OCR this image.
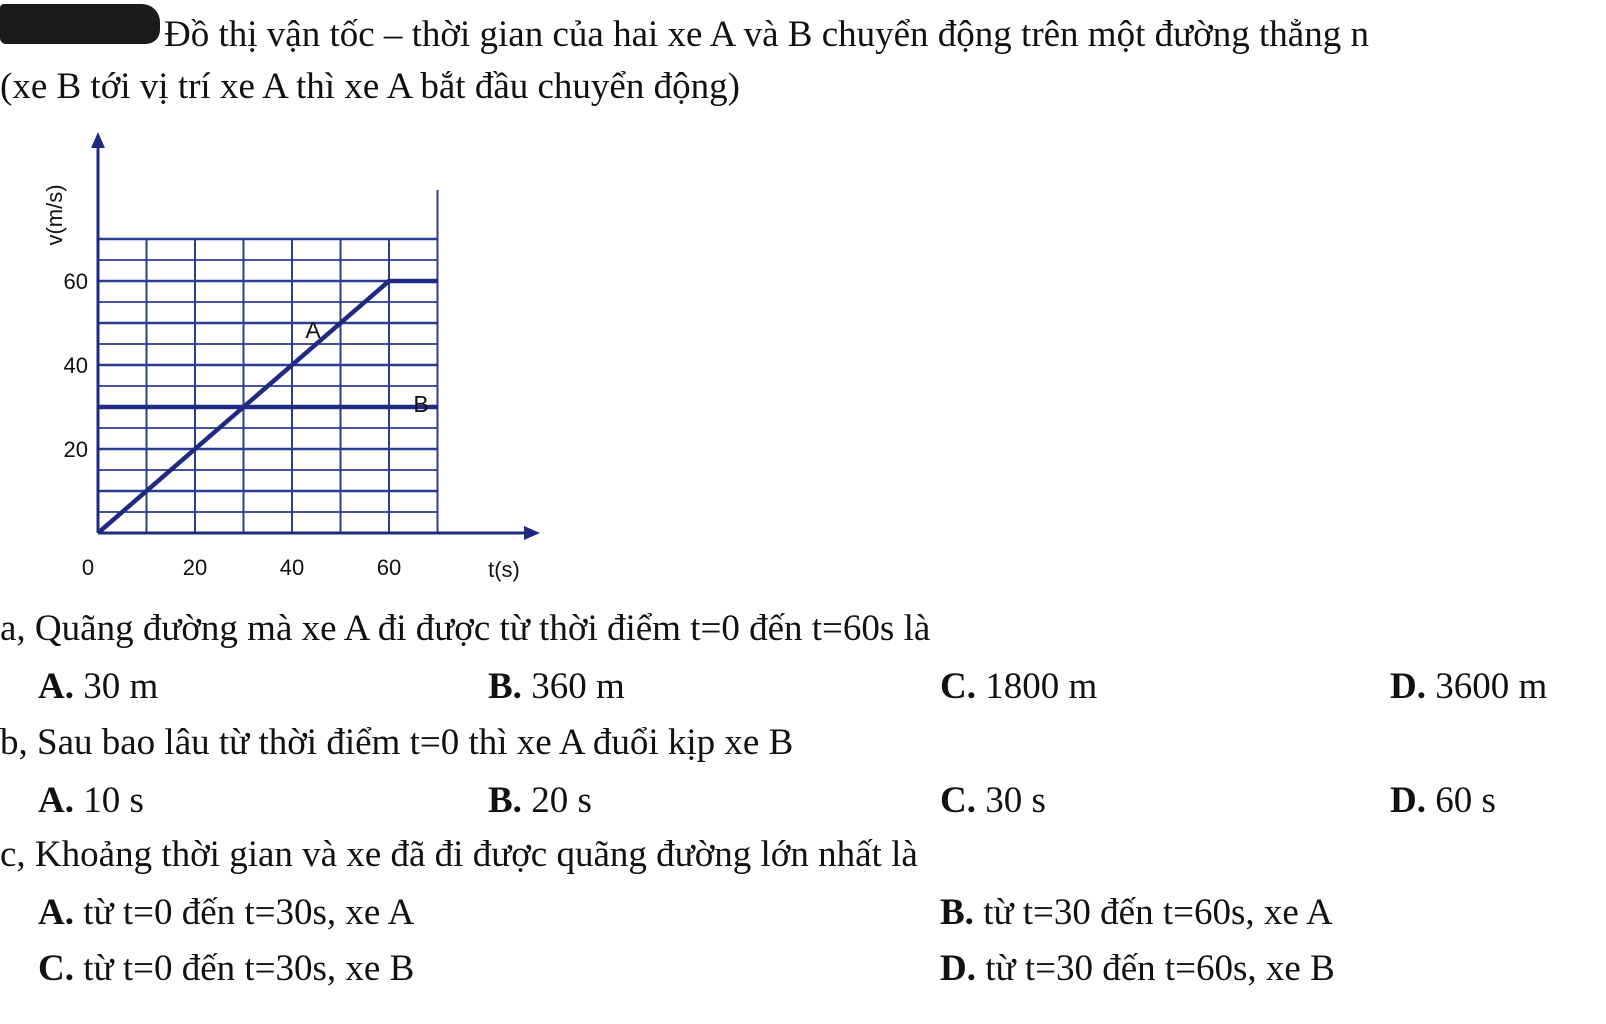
Đồ thị vận tốc – thời gian của hai xe A và B chuyển động trên một đường thẳng n
(xe B tới vị trí xe A thì xe A bắt đầu chuyển động)
0	20	40	60
20
40
60
t(s)
v(m/s)
A
B
a, Quãng đường mà xe A đi được từ thời điểm t=0 đến t=60s là
A. 30 m	B. 360 m	C. 1800 m	D. 3600 m
b, Sau bao lâu từ thời điểm t=0 thì xe A đuổi kịp xe B
A. 10 s	B. 20 s	C. 30 s	D. 60 s
c, Khoảng thời gian và xe đã đi được quãng đường lớn nhất là
A. từ t=0 đến t=30s, xe A	B. từ t=30 đến t=60s, xe A
C. từ t=0 đến t=30s, xe B	D. từ t=30 đến t=60s, xe B
